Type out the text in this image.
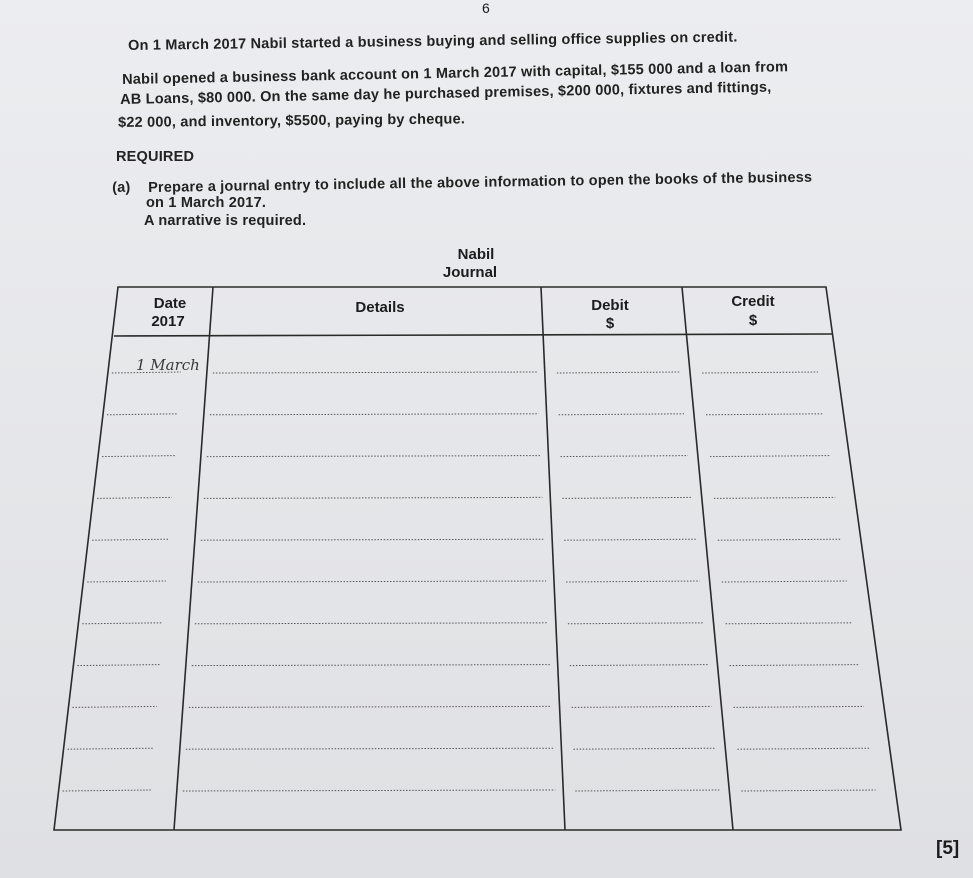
6
On 1 March 2017 Nabil started a business buying and selling office supplies on credit.
Nabil opened a business bank account on 1 March 2017 with capital, $155 000 and a loan from
AB Loans, $80 000. On the same day he purchased premises, $200 000, fixtures and fittings,
$22 000, and inventory, $5500, paying by cheque.
REQUIRED
(a) Prepare a journal entry to include all the above information to open the books of the business
on 1 March 2017.
A narrative is required.
Nabil
Journal
Date
2017
Details	Debit
$
Credit
$
1 March
[5]
